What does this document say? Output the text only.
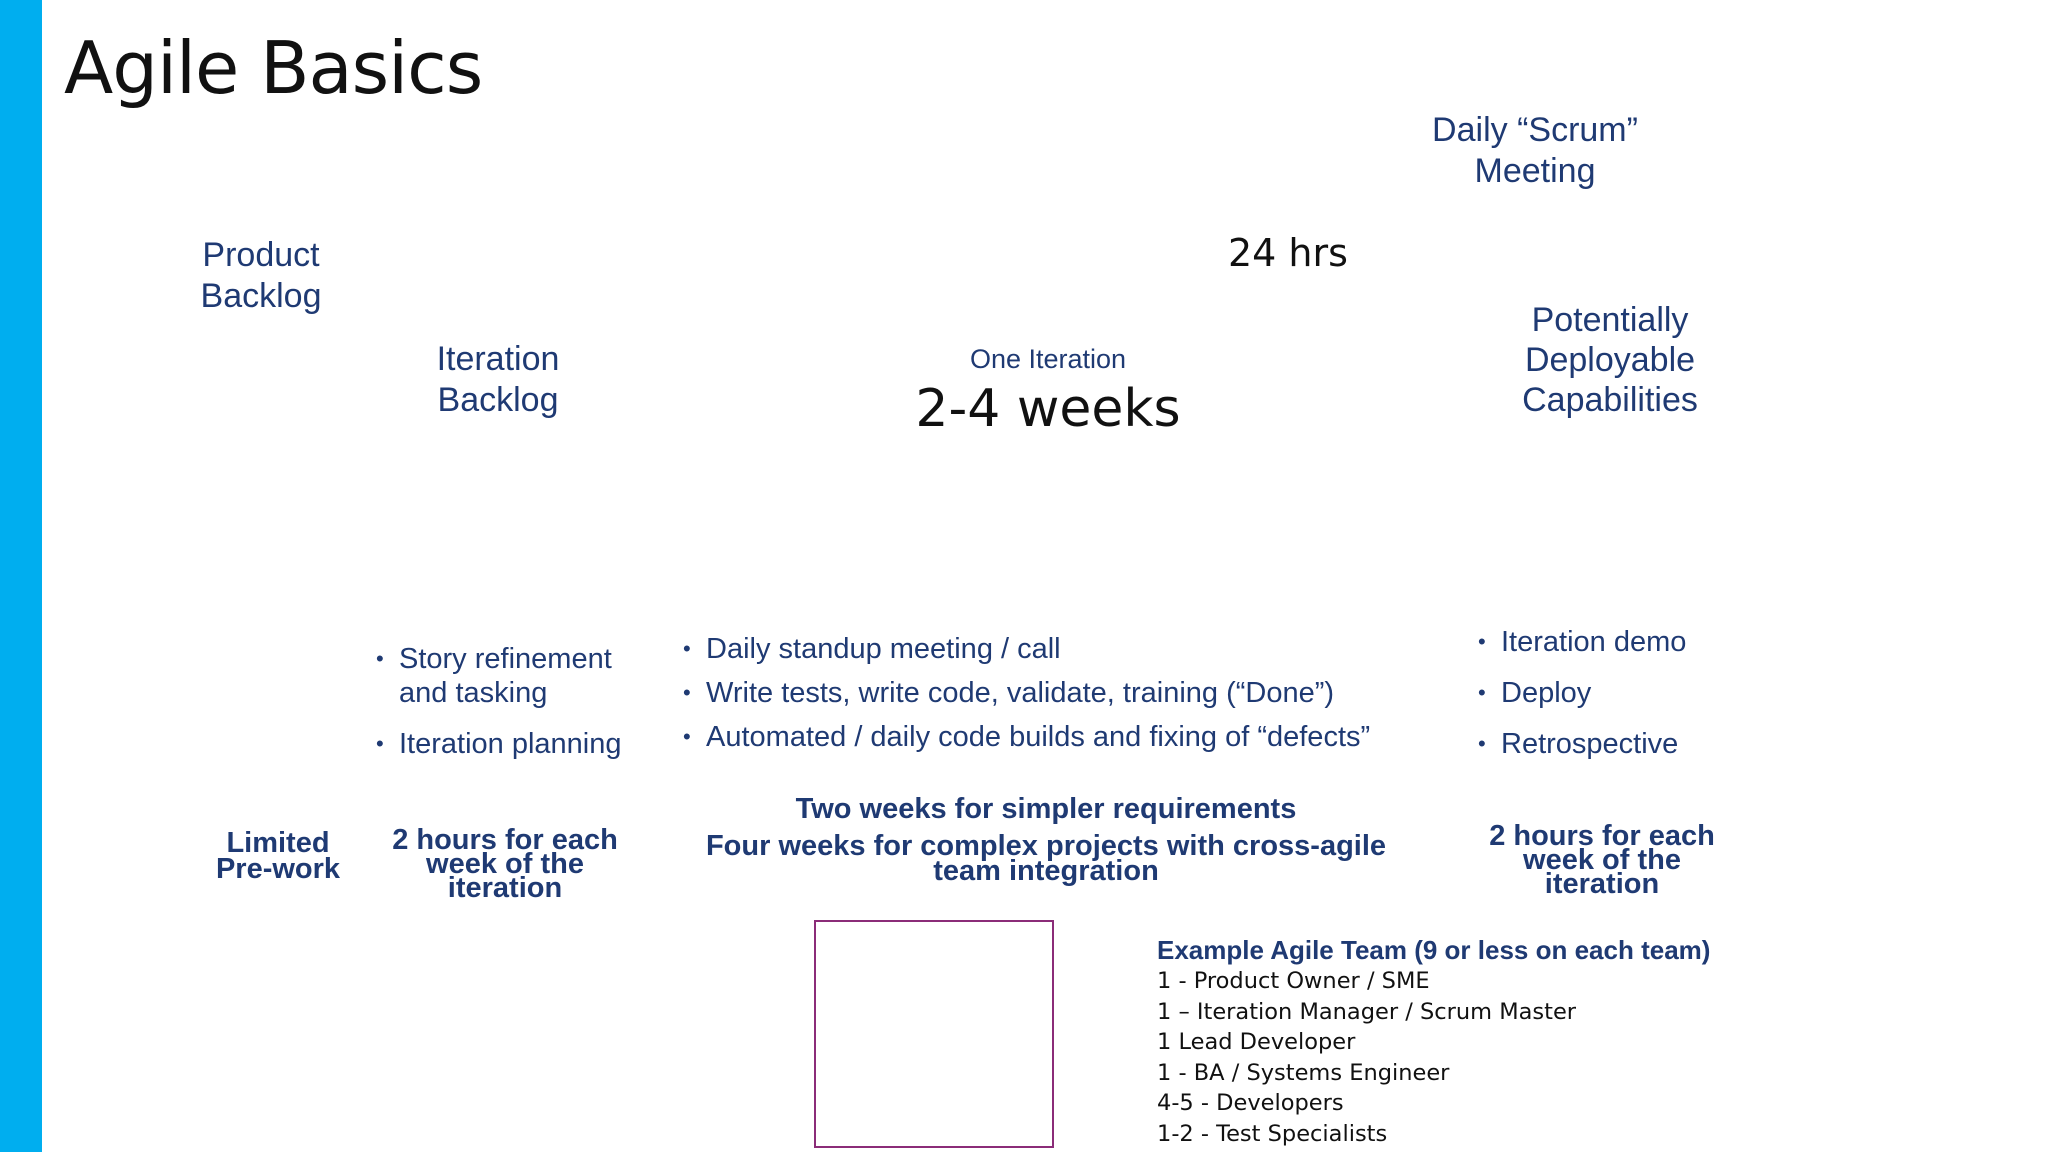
Agile Basics
Daily “Scrum”
Meeting
24 hrs
Product
Backlog
Iteration
Backlog
One Iteration
2-4 weeks
Potentially
Deployable
Capabilities
• Story refinement and tasking
• Iteration planning
• Daily standup meeting / call
• Write tests, write code, validate, training (“Done”)
• Automated / daily code builds and fixing of “defects”
• Iteration demo
• Deploy
• Retrospective
Limited
Pre-work
2 hours for each
week of the
iteration
Two weeks for simpler requirements
Four weeks for complex projects with cross-agile
team integration
2 hours for each
week of the
iteration
Example Agile Team (9 or less on each team)
1 - Product Owner / SME
1 – Iteration Manager / Scrum Master
1 Lead Developer
1 - BA / Systems Engineer
4-5 - Developers
1-2 - Test Specialists
